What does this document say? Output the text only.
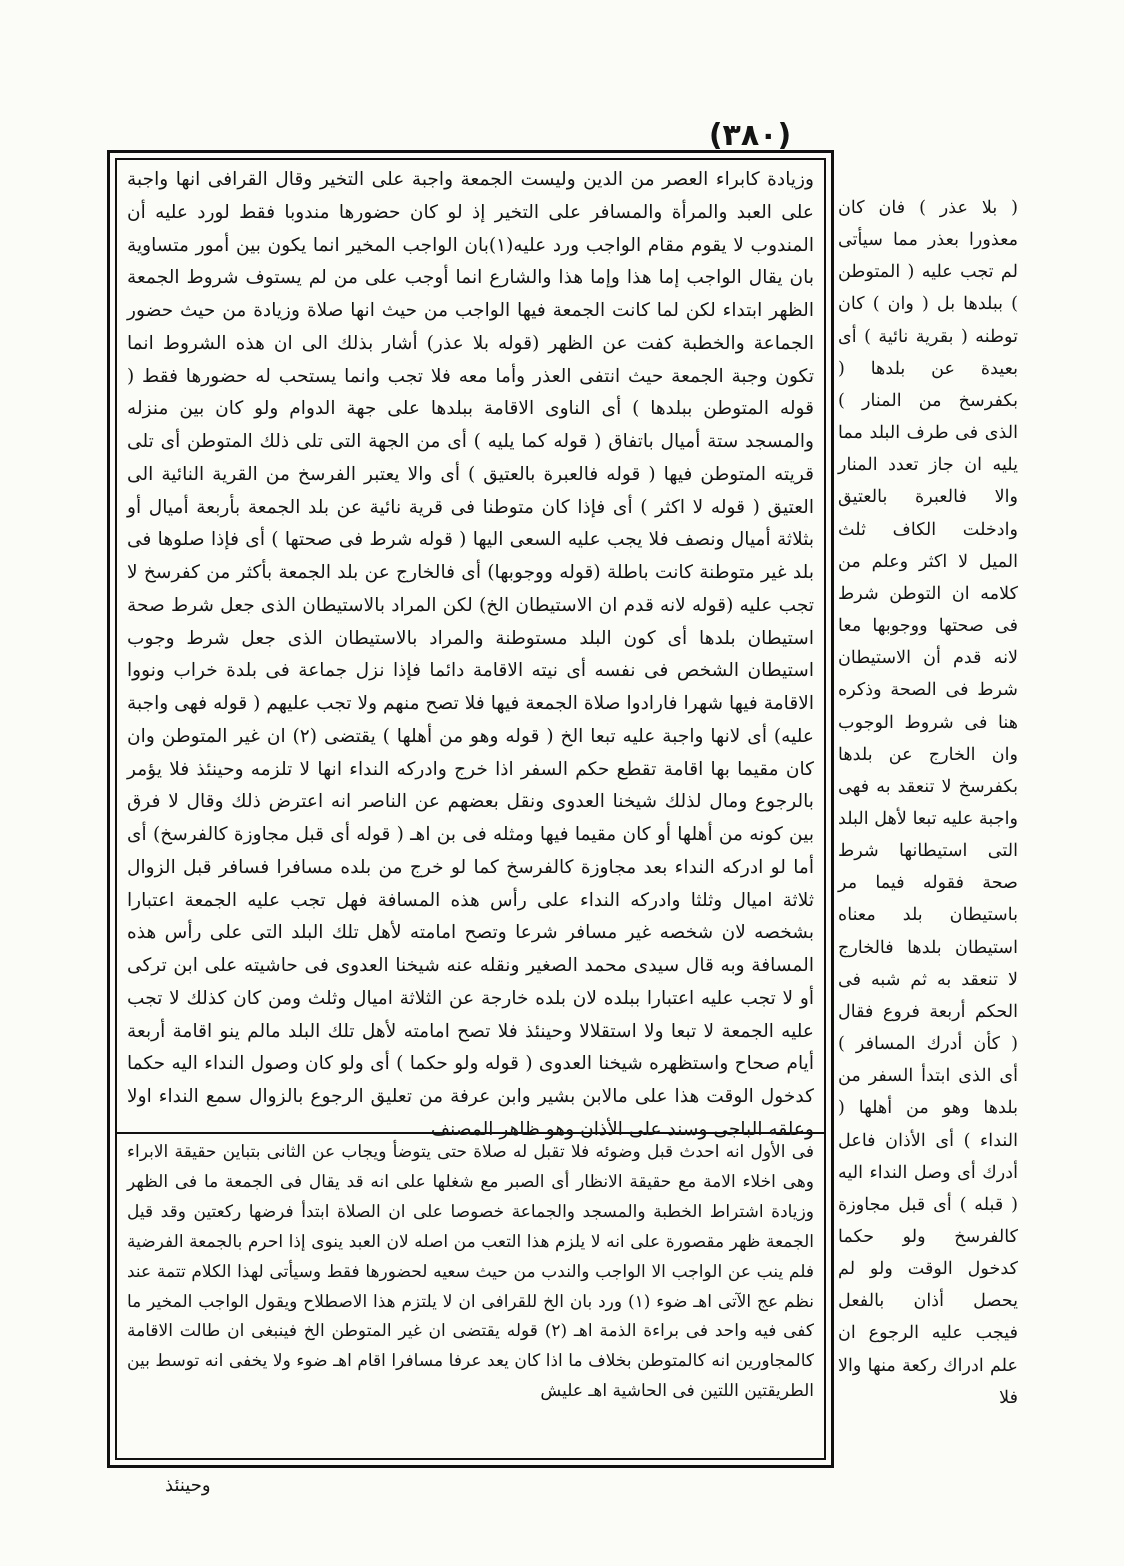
(٣٨٠)
وزيادة كابراء العصر من الدين وليست الجمعة واجبة على التخير وقال القرافى انها واجبة على العبد والمرأة والمسافر على التخير إذ لو كان حضورها مندوبا فقط لورد عليه أن المندوب لا يقوم مقام الواجب ورد عليه(١)بان الواجب المخير انما يكون بين أمور متساوية بان يقال الواجب إما هذا وإما هذا والشارع انما أوجب على من لم يستوف شروط الجمعة الظهر ابتداء لكن لما كانت الجمعة فيها الواجب من حيث انها صلاة وزيادة من حيث حضور الجماعة والخطبة كفت عن الظهر (قوله بلا عذر) أشار بذلك الى ان هذه الشروط انما تكون وجبة الجمعة حيث انتفى العذر وأما معه فلا تجب وانما يستحب له حضورها فقط ( قوله المتوطن ببلدها ) أى الناوى الاقامة ببلدها على جهة الدوام ولو كان بين منزله والمسجد ستة أميال باتفاق ( قوله كما يليه ) أى من الجهة التى تلى ذلك المتوطن أى تلى قريته المتوطن فيها ( قوله فالعبرة بالعتيق ) أى والا يعتبر الفرسخ من القرية النائية الى العتيق ( قوله لا اكثر ) أى فإذا كان متوطنا فى قرية نائية عن بلد الجمعة بأربعة أميال أو بثلاثة أميال ونصف فلا يجب عليه السعى اليها ( قوله شرط فى صحتها ) أى فإذا صلوها فى بلد غير متوطنة كانت باطلة (قوله ووجوبها) أى فالخارج عن بلد الجمعة بأكثر من كفرسخ لا تجب عليه (قوله لانه قدم ان الاستيطان الخ) لكن المراد بالاستيطان الذى جعل شرط صحة استيطان بلدها أى كون البلد مستوطنة والمراد بالاستيطان الذى جعل شرط وجوب استيطان الشخص فى نفسه أى نيته الاقامة دائما فإذا نزل جماعة فى بلدة خراب ونووا الاقامة فيها شهرا فارادوا صلاة الجمعة فيها فلا تصح منهم ولا تجب عليهم ( قوله فهى واجبة عليه) أى لانها واجبة عليه تبعا الخ ( قوله وهو من أهلها ) يقتضى (٢) ان غير المتوطن وان كان مقيما بها اقامة تقطع حكم السفر اذا خرج وادركه النداء انها لا تلزمه وحينئذ فلا يؤمر بالرجوع ومال لذلك شيخنا العدوى ونقل بعضهم عن الناصر انه اعترض ذلك وقال لا فرق بين كونه من أهلها أو كان مقيما فيها ومثله فى بن اهـ ( قوله أى قبل مجاوزة كالفرسخ) أى أما لو ادركه النداء بعد مجاوزة كالفرسخ كما لو خرج من بلده مسافرا فسافر قبل الزوال ثلاثة اميال وثلثا وادركه النداء على رأس هذه المسافة فهل تجب عليه الجمعة اعتبارا بشخصه لان شخصه غير مسافر شرعا وتصح امامته لأهل تلك البلد التى على رأس هذه المسافة وبه قال سيدى محمد الصغير ونقله عنه شيخنا العدوى فى حاشيته على ابن تركى أو لا تجب عليه اعتبارا ببلده لان بلده خارجة عن الثلاثة اميال وثلث ومن كان كذلك لا تجب عليه الجمعة لا تبعا ولا استقلالا وحينئذ فلا تصح امامته لأهل تلك البلد مالم ينو اقامة أربعة أيام صحاح واستظهره شيخنا العدوى ( قوله ولو حكما ) أى ولو كان وصول النداء اليه حكما كدخول الوقت هذا على مالابن بشير وابن عرفة من تعليق الرجوع بالزوال سمع النداء اولا وعلقه الباجى وسند على الأذان وهو ظاهر المصنف
فى الأول انه احدث قبل وضوئه فلا تقبل له صلاة حتى يتوضأ ويجاب عن الثانى بتباين حقيقة الابراء وهى اخلاء الامة مع حقيقة الانظار أى الصبر مع شغلها على انه قد يقال فى الجمعة ما فى الظهر وزيادة اشتراط الخطبة والمسجد والجماعة خصوصا على ان الصلاة ابتدأ فرضها ركعتين وقد قيل الجمعة ظهر مقصورة على انه لا يلزم هذا التعب من اصله لان العبد ينوى إذا احرم بالجمعة الفرضية فلم ينب عن الواجب الا الواجب والندب من حيث سعيه لحضورها فقط وسيأتى لهذا الكلام تتمة عند نظم عج الآتى اهـ ضوء (١) ورد بان الخ للقرافى ان لا يلتزم هذا الاصطلاح ويقول الواجب المخير ما كفى فيه واحد فى براءة الذمة اهـ (٢) قوله يقتضى ان غير المتوطن الخ فينبغى ان طالت الاقامة كالمجاورين انه كالمتوطن بخلاف ما اذا كان يعد عرفا مسافرا اقام اهـ ضوء ولا يخفى انه توسط بين الطريقتين اللتين فى الحاشية اهـ عليش
( بلا عذر ) فان كان معذورا بعذر مما سيأتى لم تجب عليه ( المتوطن ) ببلدها بل ( وان ) كان توطنه ( بقرية نائية ) أى بعيدة عن بلدها ( بكفرسخ من المنار ) الذى فى طرف البلد مما يليه ان جاز تعدد المنار والا فالعبرة بالعتيق وادخلت الكاف ثلث الميل لا اكثر وعلم من كلامه ان التوطن شرط فى صحتها ووجوبها معا لانه قدم أن الاستيطان شرط فى الصحة وذكره هنا فى شروط الوجوب وان الخارج عن بلدها بكفرسخ لا تنعقد به فهى واجبة عليه تبعا لأهل البلد التى استيطانها شرط صحة فقوله فيما مر باستيطان بلد معناه استيطان بلدها فالخارج لا تنعقد به ثم شبه فى الحكم أربعة فروع فقال ( كأن أدرك المسافر ) أى الذى ابتدأ السفر من بلدها وهو من أهلها ( النداء ) أى الأذان فاعل أدرك أى وصل النداء اليه ( قبله ) أى قبل مجاوزة كالفرسخ ولو حكما كدخول الوقت ولو لم يحصل أذان بالفعل فيجب عليه الرجوع ان علم ادراك ركعة منها والا فلا
وحينئذ
